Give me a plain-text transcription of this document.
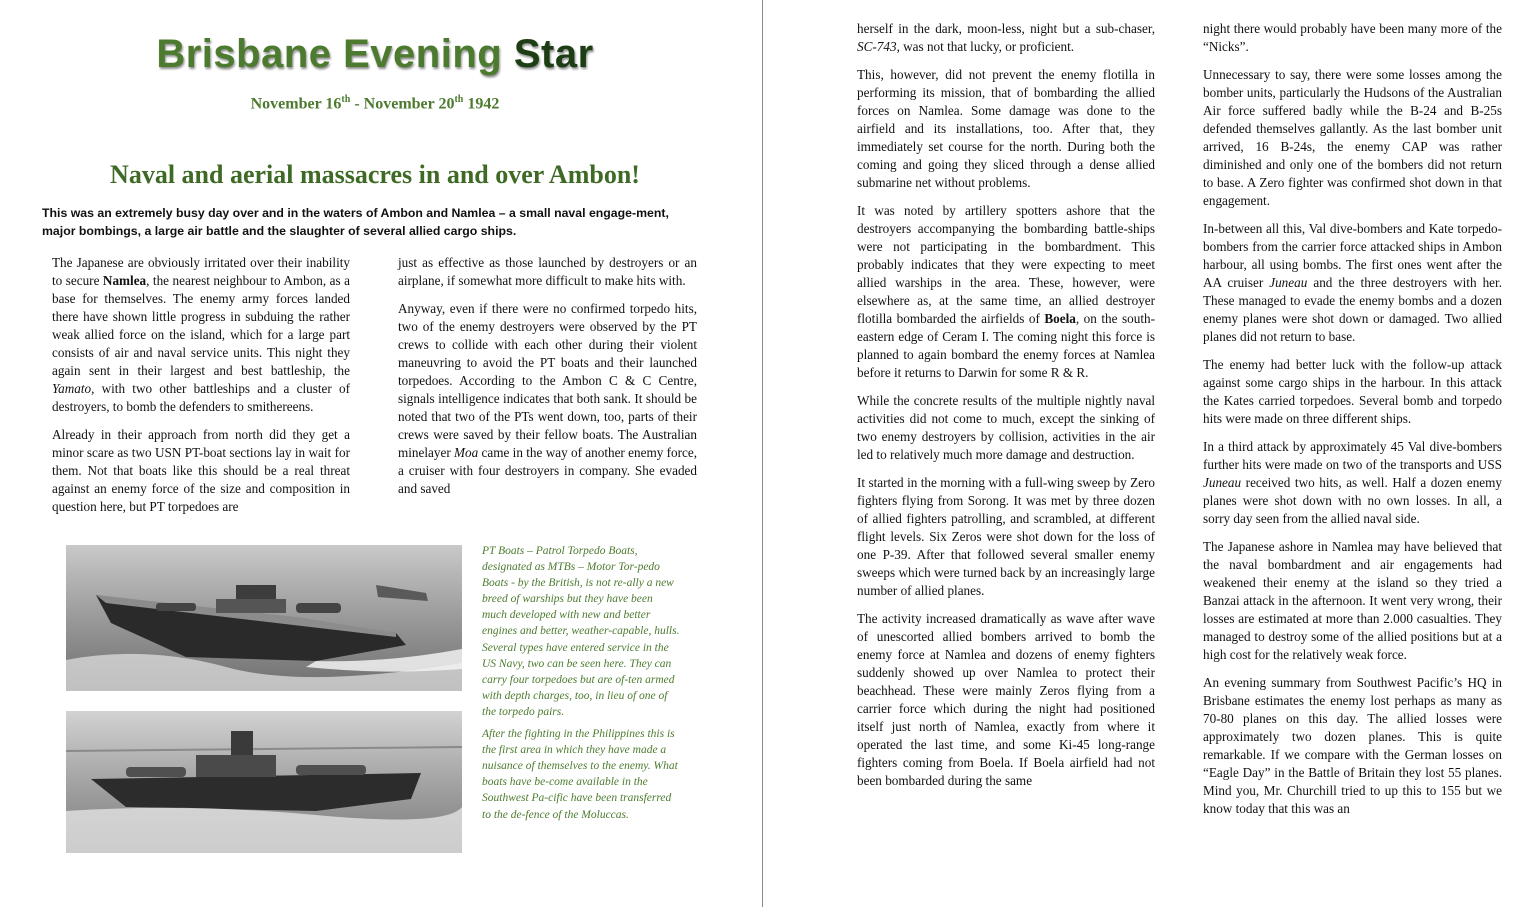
Brisbane Evening Star
November 16th - November 20th 1942
Naval and aerial massacres in and over Ambon!

This was an extremely busy day over and in the waters of Ambon and Namlea – a small naval engage-ment, major bombings, a large air battle and the slaughter of several allied cargo ships.

The Japanese are obviously irritated over their inability to secure Namlea, the nearest neighbour to Ambon, as a base for themselves. The enemy army forces landed there have shown little progress in subduing the rather weak allied force on the island, which for a large part consists of air and naval service units. This night they again sent in their largest and best battleship, the Yamato, with two other battleships and a cluster of destroyers, to bomb the defenders to smithereens.

Already in their approach from north did they get a minor scare as two USN PT-boat sections lay in wait for them. Not that boats like this should be a real threat against an enemy force of the size and composition in question here, but PT torpedoes are

just as effective as those launched by destroyers or an airplane, if somewhat more difficult to make hits with.

Anyway, even if there were no confirmed torpedo hits, two of the enemy destroyers were observed by the PT crews to collide with each other during their violent maneuvring to avoid the PT boats and their launched torpedoes. According to the Ambon C & C Centre, signals intelligence indicates that both sank. It should be noted that two of the PTs went down, too, parts of their crews were saved by their fellow boats. The Australian minelayer Moa came in the way of another enemy force, a cruiser with four destroyers in company. She evaded and saved

PT Boats – Patrol Torpedo Boats, designated as MTBs – Motor Tor-pedo Boats - by the British, is not re-ally a new breed of warships but they have been much developed with new and better engines and better, weather-capable, hulls. Several types have entered service in the US Navy, two can be seen here. They can carry four torpedoes but are of-ten armed with depth charges, too, in lieu of one of the torpedo pairs.

After the fighting in the Philippines this is the first area in which they have made a nuisance of themselves to the enemy. What boats have be-come available in the Southwest Pa-cific have been transferred to the de-fence of the Moluccas.

herself in the dark, moon-less, night but a sub-chaser, SC-743, was not that lucky, or proficient.

This, however, did not prevent the enemy flotilla in performing its mission, that of bombarding the allied forces on Namlea. Some damage was done to the airfield and its installations, too. After that, they immediately set course for the north. During both the coming and going they sliced through a dense allied submarine net without problems.

It was noted by artillery spotters ashore that the destroyers accompanying the bombarding battle-ships were not participating in the bombardment. This probably indicates that they were expecting to meet allied warships in the area. These, however, were elsewhere as, at the same time, an allied destroyer flotilla bombarded the airfields of Boela, on the south-eastern edge of Ceram I. The coming night this force is planned to again bombard the enemy forces at Namlea before it returns to Darwin for some R & R.

While the concrete results of the multiple nightly naval activities did not come to much, except the sinking of two enemy destroyers by collision, activities in the air led to relatively much more damage and destruction.

It started in the morning with a full-wing sweep by Zero fighters flying from Sorong. It was met by three dozen of allied fighters patrolling, and scrambled, at different flight levels. Six Zeros were shot down for the loss of one P-39. After that followed several smaller enemy sweeps which were turned back by an increasingly large number of allied planes.

The activity increased dramatically as wave after wave of unescorted allied bombers arrived to bomb the enemy force at Namlea and dozens of enemy fighters suddenly showed up over Namlea to protect their beachhead. These were mainly Zeros flying from a carrier force which during the night had positioned itself just north of Namlea, exactly from where it operated the last time, and some Ki-45 long-range fighters coming from Boela. If Boela airfield had not been bombarded during the same

night there would probably have been many more of the “Nicks”.

Unnecessary to say, there were some losses among the bomber units, particularly the Hudsons of the Australian Air force suffered badly while the B-24 and B-25s defended themselves gallantly. As the last bomber unit arrived, 16 B-24s, the enemy CAP was rather diminished and only one of the bombers did not return to base. A Zero fighter was confirmed shot down in that engagement.

In-between all this, Val dive-bombers and Kate torpedo-bombers from the carrier force attacked ships in Ambon harbour, all using bombs. The first ones went after the AA cruiser Juneau and the three destroyers with her. These managed to evade the enemy bombs and a dozen enemy planes were shot down or damaged. Two allied planes did not return to base.

The enemy had better luck with the follow-up attack against some cargo ships in the harbour. In this attack the Kates carried torpedoes. Several bomb and torpedo hits were made on three different ships.

In a third attack by approximately 45 Val dive-bombers further hits were made on two of the transports and USS Juneau received two hits, as well. Half a dozen enemy planes were shot down with no own losses. In all, a sorry day seen from the allied naval side.

The Japanese ashore in Namlea may have believed that the naval bombardment and air engagements had weakened their enemy at the island so they tried a Banzai attack in the afternoon. It went very wrong, their losses are estimated at more than 2.000 casualties. They managed to destroy some of the allied positions but at a high cost for the relatively weak force.

An evening summary from Southwest Pacific’s HQ in Brisbane estimates the enemy lost perhaps as many as 70-80 planes on this day. The allied losses were approximately two dozen planes. This is quite remarkable. If we compare with the German losses on “Eagle Day” in the Battle of Britain they lost 55 planes. Mind you, Mr. Churchill tried to up this to 155 but we know today that this was an
